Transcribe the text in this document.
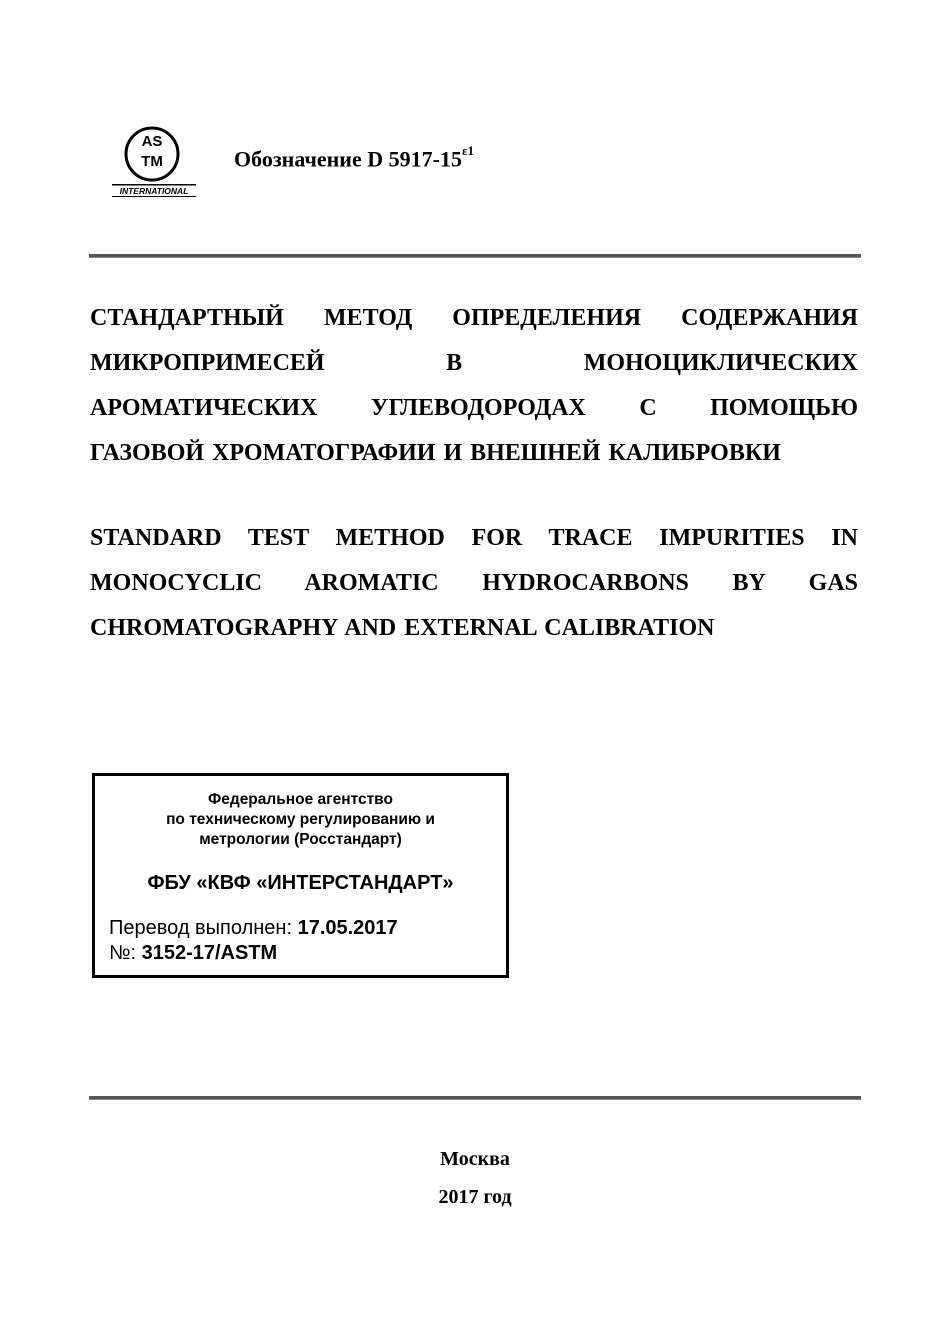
AS
TM
INTERNATIONAL
Обозначение D $5917-15^{\varepsilon 1}$
СТАНДАРТНЫЙ МЕТОД ОПРЕДЕЛЕНИЯ СОДЕРЖАНИЯ
МИКРОПРИМЕСЕЙ В МОНОЦИКЛИЧЕСКИХ
АРОМАТИЧЕСКИХ УГЛЕВОДОРОДАХ С ПОМОЩЬЮ
ГАЗОВОЙ ХРОМАТОГРАФИИ И ВНЕШНЕЙ КАЛИБРОВКИ
STANDARD TEST METHOD FOR TRACE IMPURITIES IN
MONOCYCLIC AROMATIC HYDROCARBONS BY GAS
CHROMATOGRAPHY AND EXTERNAL CALIBRATION
Федеральное агентство
по техническому регулированию и
метрологии (Росстандарт)
ФБУ «КВФ «ИНТЕРСТАНДАРТ»
Перевод выполнен: 17.05.2017
№: 3152-17/ASTM
Москва
2017 год
